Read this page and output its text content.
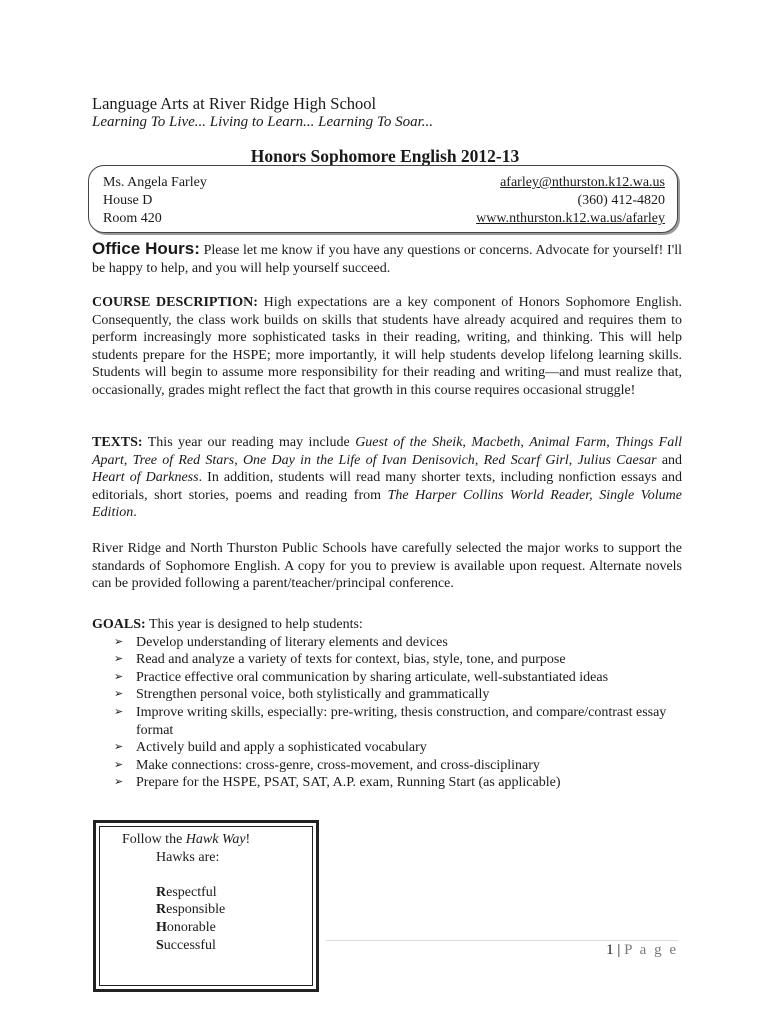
Language Arts at River Ridge High School
Learning To Live... Living to Learn... Learning To Soar...
Honors Sophomore English 2012-13
Ms. Angela Farley
House D
Room 420
afarley@nthurston.k12.wa.us
(360) 412-4820
www.nthurston.k12.wa.us/afarley
Office Hours: Please let me know if you have any questions or concerns. Advocate for yourself! I'll be happy to help, and you will help yourself succeed.
COURSE DESCRIPTION: High expectations are a key component of Honors Sophomore English. Consequently, the class work builds on skills that students have already acquired and requires them to perform increasingly more sophisticated tasks in their reading, writing, and thinking. This will help students prepare for the HSPE; more importantly, it will help students develop lifelong learning skills. Students will begin to assume more responsibility for their reading and writing—and must realize that, occasionally, grades might reflect the fact that growth in this course requires occasional struggle!
TEXTS: This year our reading may include Guest of the Sheik, Macbeth, Animal Farm, Things Fall Apart, Tree of Red Stars, One Day in the Life of Ivan Denisovich, Red Scarf Girl, Julius Caesar and Heart of Darkness. In addition, students will read many shorter texts, including nonfiction essays and editorials, short stories, poems and reading from The Harper Collins World Reader, Single Volume Edition.
River Ridge and North Thurston Public Schools have carefully selected the major works to support the standards of Sophomore English. A copy for you to preview is available upon request. Alternate novels can be provided following a parent/teacher/principal conference.
GOALS: This year is designed to help students:
➢ Develop understanding of literary elements and devices
➢ Read and analyze a variety of texts for context, bias, style, tone, and purpose
➢ Practice effective oral communication by sharing articulate, well-substantiated ideas
➢ Strengthen personal voice, both stylistically and grammatically
➢ Improve writing skills, especially: pre-writing, thesis construction, and compare/contrast essay format
➢ Actively build and apply a sophisticated vocabulary
➢ Make connections: cross-genre, cross-movement, and cross-disciplinary
➢ Prepare for the HSPE, PSAT, SAT, A.P. exam, Running Start (as applicable)
Follow the Hawk Way!
Hawks are:
Respectful
Responsible
Honorable
Successful	1 | P a g e
